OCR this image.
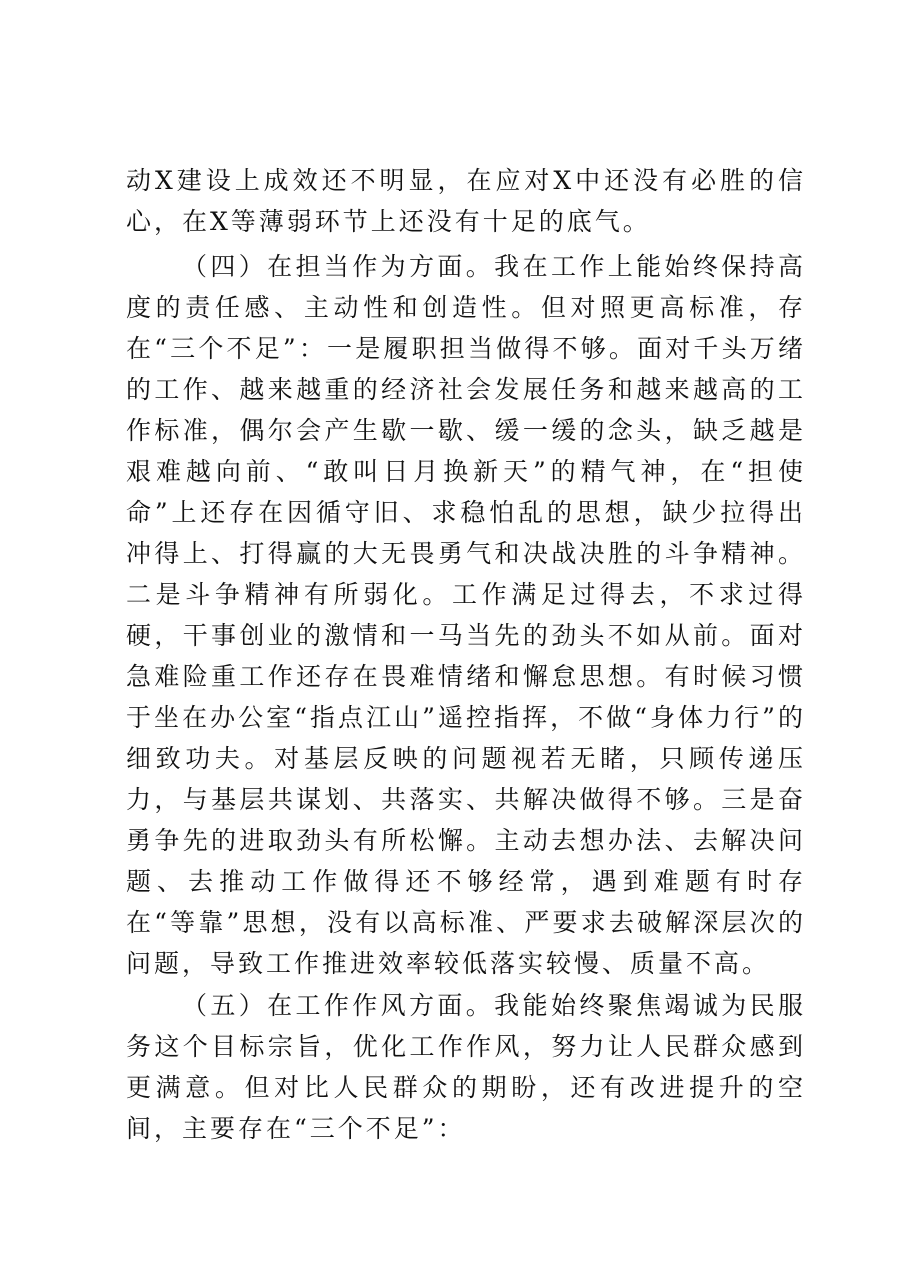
动X建设上成效还不明显，在应对X中还没有必胜的信心，在X等薄弱环节上还没有十足的底气。

（四）在担当作为方面。我在工作上能始终保持高度的责任感、主动性和创造性。但对照更高标准，存在“三个不足”：一是履职担当做得不够。面对千头万绪的工作、越来越重的经济社会发展任务和越来越高的工作标准，偶尔会产生歇一歇、缓一缓的念头，缺乏越是艰难越向前、“敢叫日月换新天”的精气神，在“担使命”上还存在因循守旧、求稳怕乱的思想，缺少拉得出冲得上、打得赢的大无畏勇气和决战决胜的斗争精神。二是斗争精神有所弱化。工作满足过得去，不求过得硬，干事创业的激情和一马当先的劲头不如从前。面对急难险重工作还存在畏难情绪和懈怠思想。有时候习惯于坐在办公室“指点江山”遥控指挥，不做“身体力行”的细致功夫。对基层反映的问题视若无睹，只顾传递压力，与基层共谋划、共落实、共解决做得不够。三是奋勇争先的进取劲头有所松懈。主动去想办法、去解决问题、去推动工作做得还不够经常，遇到难题有时存在“等靠”思想，没有以高标准、严要求去破解深层次的问题，导致工作推进效率较低落实较慢、质量不高。

（五）在工作作风方面。我能始终聚焦竭诚为民服务这个目标宗旨，优化工作作风，努力让人民群众感到更满意。但对比人民群众的期盼，还有改进提升的空间，主要存在“三个不足”：
